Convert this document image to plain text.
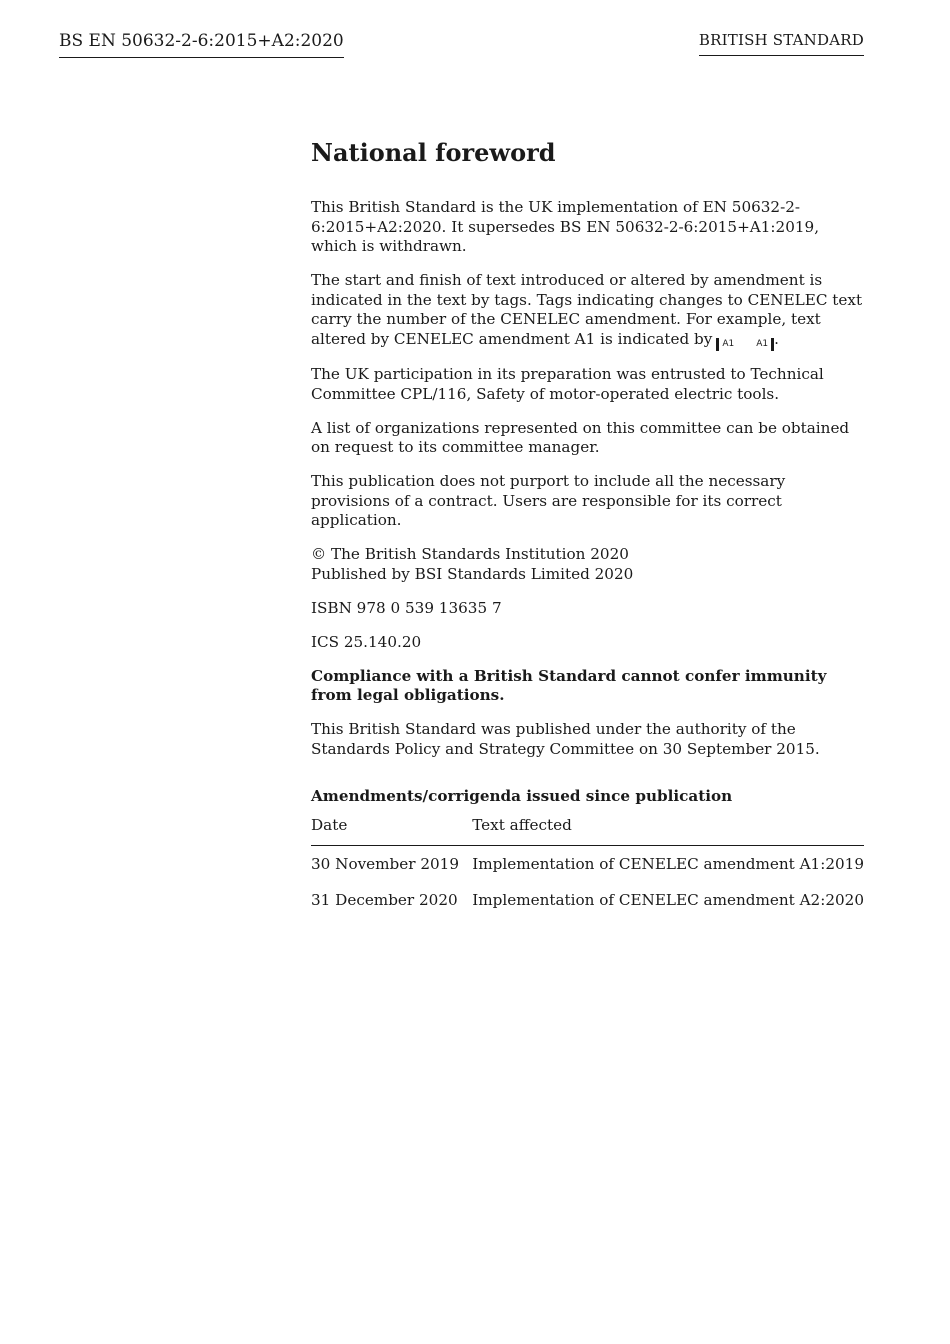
BS EN 50632-2-6:2015+A2:2020	BRITISH STANDARD
National foreword

This British Standard is the UK implementation of EN 50632-2-6:2015+A2:2020. It supersedes BS EN 50632-2-6:2015+A1:2019, which is withdrawn.

The start and finish of text introduced or altered by amendment is indicated in the text by tags. Tags indicating changes to CENELEC text carry the number of the CENELEC amendment. For example, text altered by CENELEC amendment A1 is indicated by A1 A1 .

The UK participation in its preparation was entrusted to Technical Committee CPL/116, Safety of motor-operated electric tools.

A list of organizations represented on this committee can be obtained on request to its committee manager.

This publication does not purport to include all the necessary provisions of a contract. Users are responsible for its correct application.

© The British Standards Institution 2020
Published by BSI Standards Limited 2020

ISBN 978 0 539 13635 7

ICS 25.140.20

Compliance with a British Standard cannot confer immunity from legal obligations.

This British Standard was published under the authority of the Standards Policy and Strategy Committee on 30 September 2015.

Amendments/corrigenda issued since publication

Date	Text affected
30 November 2019	Implementation of CENELEC amendment A1:2019
31 December 2020	Implementation of CENELEC amendment A2:2020
